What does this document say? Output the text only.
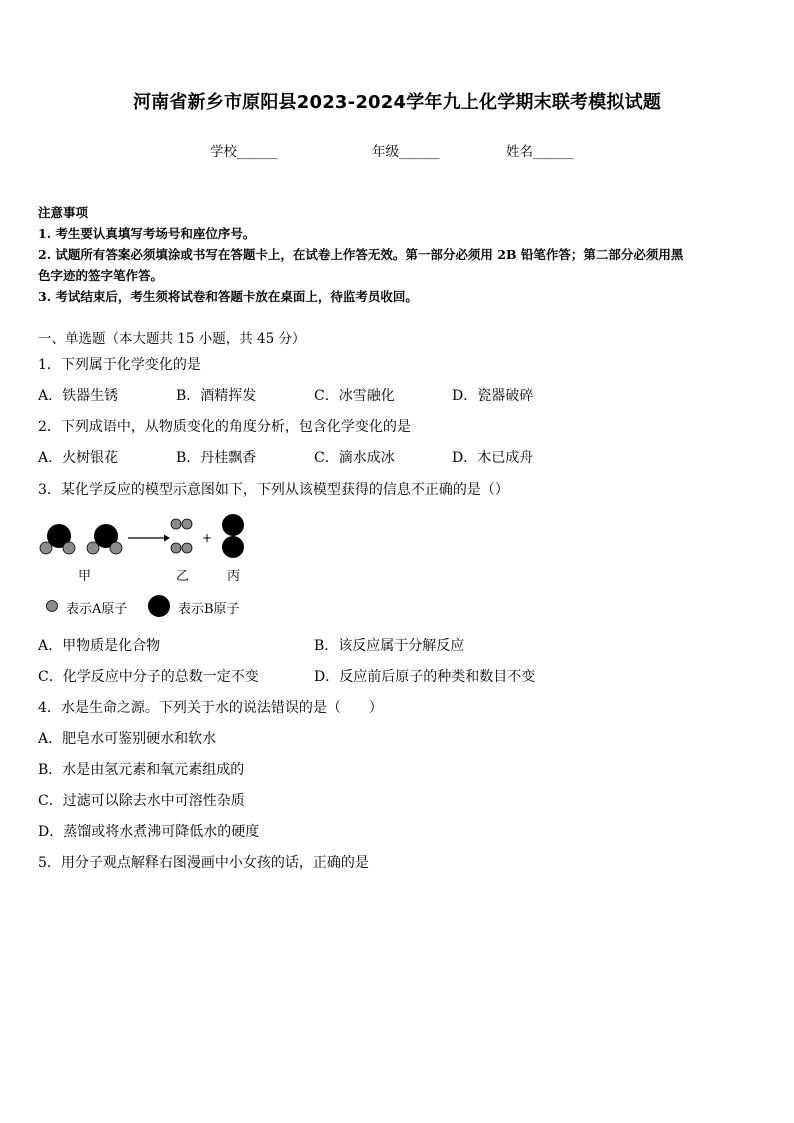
河南省新乡市原阳县2023-2024学年九上化学期末联考模拟试题
学校______	年级______	姓名______
注意事项
1. 考生要认真填写考场号和座位序号。
2. 试题所有答案必须填涂或书写在答题卡上，在试卷上作答无效。第一部分必须用 2B 铅笔作答；第二部分必须用黑
色字迹的签字笔作答。
3. 考试结束后，考生须将试卷和答题卡放在桌面上，待监考员收回。
一、单选题（本大题共 15 小题，共 45 分）
1．下列属于化学变化的是
A．铁器生锈	B．酒精挥发	C．冰雪融化	D．瓷器破碎
2．下列成语中，从物质变化的角度分析，包含化学变化的是
A．火树银花	B．丹桂飘香	C．滴水成冰	D．木已成舟
3．某化学反应的模型示意图如下，下列从该模型获得的信息不正确的是（）
+
甲	乙	丙
表示A原子	表示B原子
A．甲物质是化合物	B．该反应属于分解反应
C．化学反应中分子的总数一定不变	D．反应前后原子的种类和数目不变
4．水是生命之源。下列关于水的说法错误的是（　　）
A．肥皂水可鉴别硬水和软水
B．水是由氢元素和氧元素组成的
C．过滤可以除去水中可溶性杂质
D．蒸馏或将水煮沸可降低水的硬度
5．用分子观点解释右图漫画中小女孩的话，正确的是
